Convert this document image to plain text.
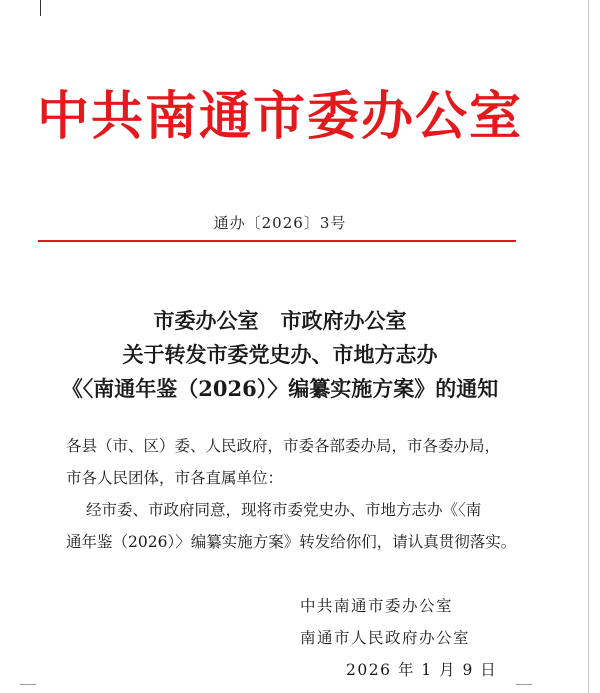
中共南通市委办公室
通办〔2026〕3号
市委办公室 市政府办公室
关于转发市委党史办、市地方志办
《〈南通年鉴（2026）〉编纂实施方案》的通知
各县（市、区）委、人民政府，市委各部委办局，市各委办局，
市各人民团体，市各直属单位：
经市委、市政府同意，现将市委党史办、市地方志办《〈南
通年鉴（2026）〉编纂实施方案》转发给你们，请认真贯彻落实。
中共南通市委办公室
南通市人民政府办公室
2026 年 1 月 9 日
